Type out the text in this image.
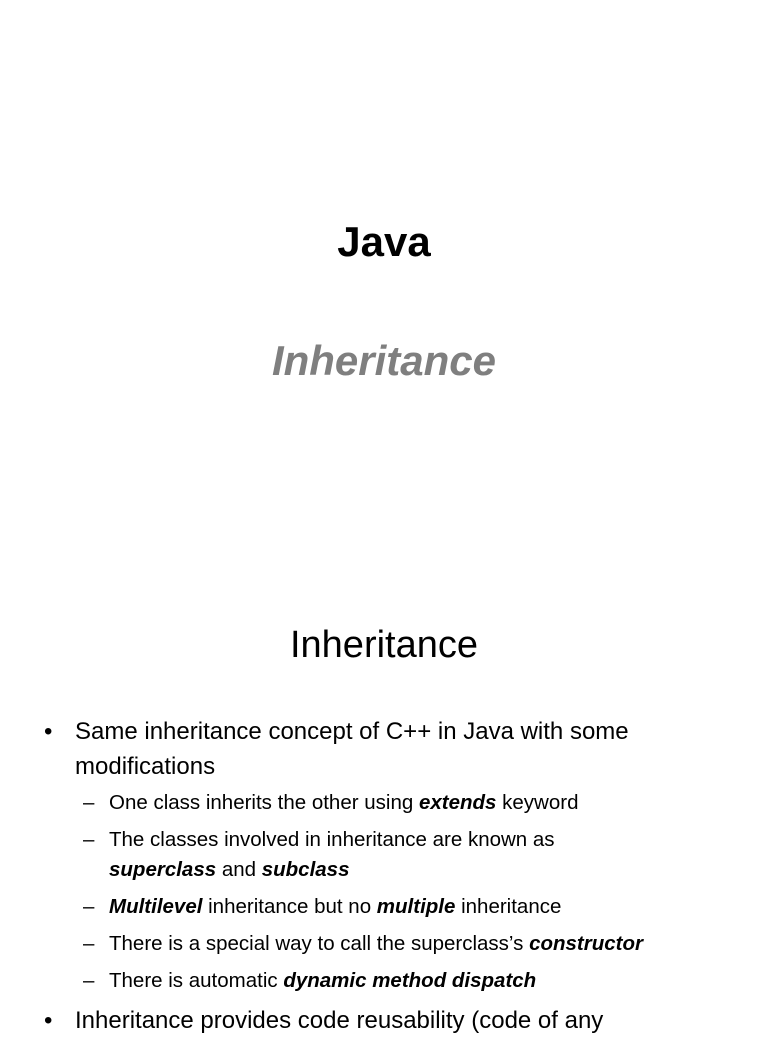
Java
Inheritance
Inheritance
• Same inheritance concept of C++ in Java with some
modifications
– One class inherits the other using extends keyword
– The classes involved in inheritance are known as
superclass and subclass
– Multilevel inheritance but no multiple inheritance
– There is a special way to call the superclass’s constructor
– There is automatic dynamic method dispatch
• Inheritance provides code reusability (code of any
